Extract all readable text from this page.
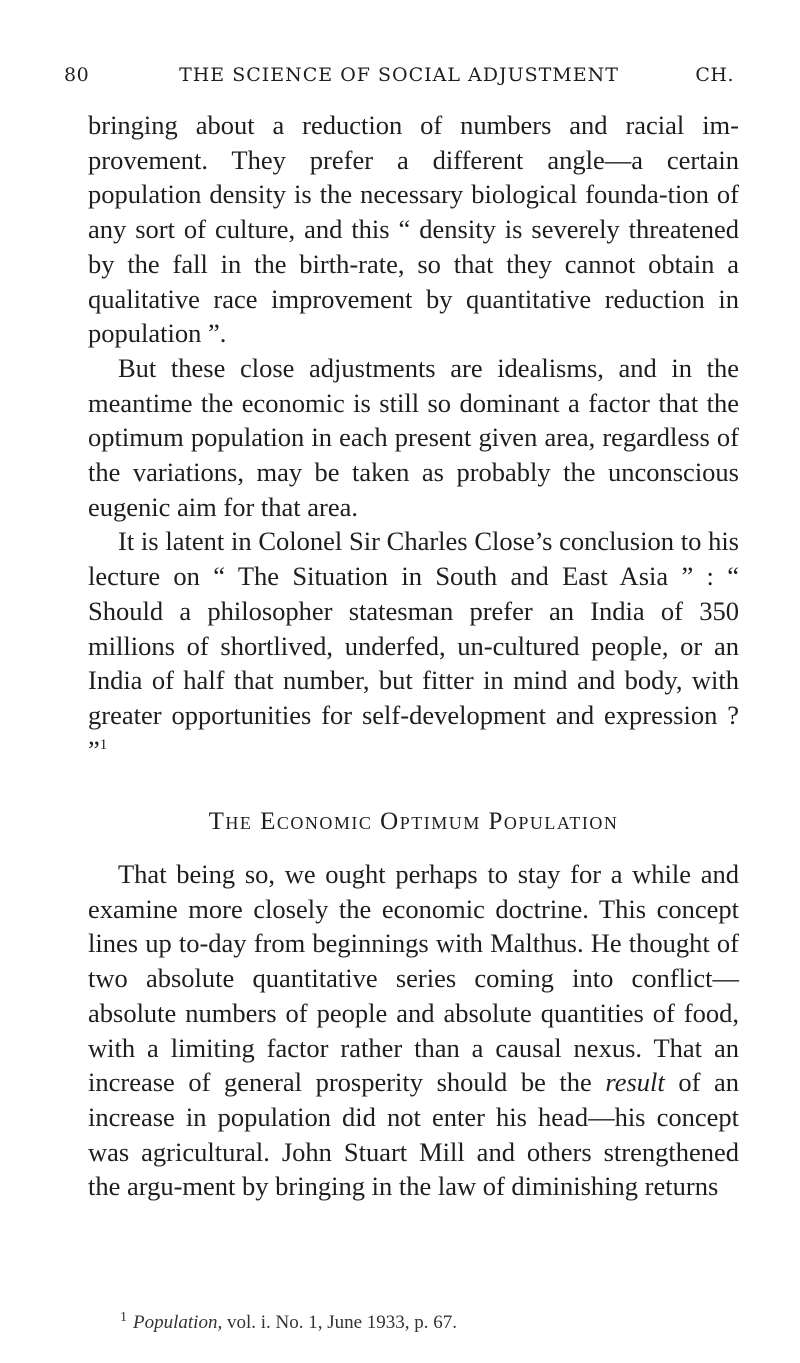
80	THE SCIENCE OF SOCIAL ADJUSTMENT	CH.

bringing about a reduction of numbers and racial im-provement. They prefer a different angle—a certain population density is the necessary biological founda-tion of any sort of culture, and this “ density is severely threatened by the fall in the birth-rate, so that they cannot obtain a qualitative race improvement by quantitative reduction in population ”.

But these close adjustments are idealisms, and in the meantime the economic is still so dominant a factor that the optimum population in each present given area, regardless of the variations, may be taken as probably the unconscious eugenic aim for that area.

It is latent in Colonel Sir Charles Close’s conclusion to his lecture on “ The Situation in South and East Asia ” : “ Should a philosopher statesman prefer an India of 350 millions of shortlived, underfed, un-cultured people, or an India of half that number, but fitter in mind and body, with greater opportunities for self-development and expression ? ”$^1$

The Economic Optimum Population

That being so, we ought perhaps to stay for a while and examine more closely the economic doctrine. This concept lines up to-day from beginnings with Malthus. He thought of two absolute quantitative series coming into conflict—absolute numbers of people and absolute quantities of food, with a limiting factor rather than a causal nexus. That an increase of general prosperity should be the result of an increase in population did not enter his head—his concept was agricultural. John Stuart Mill and others strengthened the argu-ment by bringing in the law of diminishing returns

$^1$ Population, vol. i. No. 1, June 1933, p. 67.
